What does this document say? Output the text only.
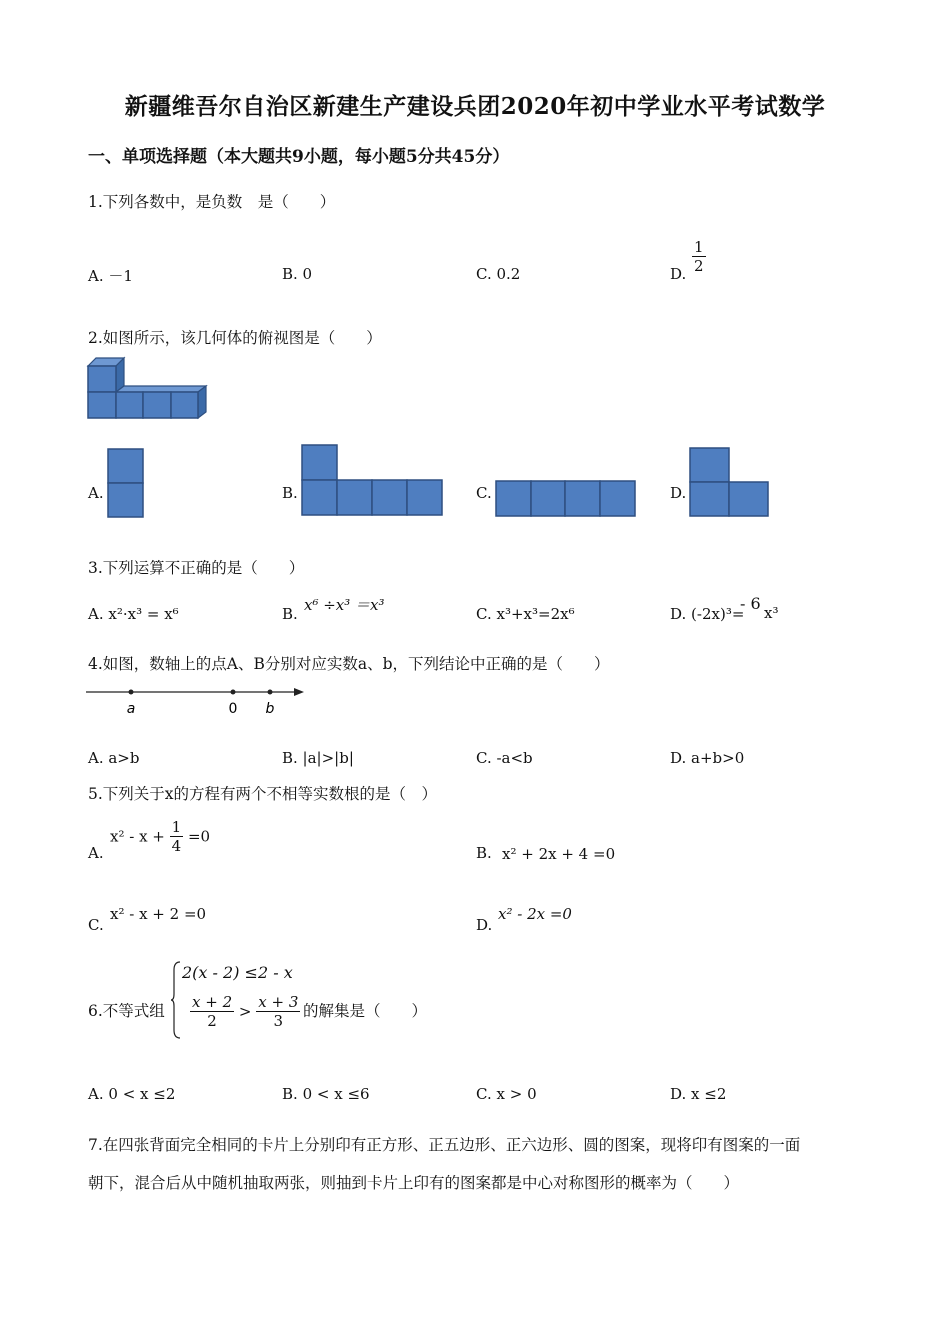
新疆维吾尔自治区新建生产建设兵团2020年初中学业水平考试数学
一、单项选择题（本大题共9小题，每小题5分共45分）
1.下列各数中，是负数　是（　　）
A. －1	B. 0	C. 0.2	D. $\frac{1}{2}$
2.如图所示，该几何体的俯视图是（　　）
A.	B.	C.	D.
3.下列运算不正确的是（　　）
A. x²·x³ = x⁶	B. x⁶ ÷x³ ＝x³	C. x³+x³=2x⁶	D. (-2x)³=
- 6 x³
4.如图，数轴上的点A、B分别对应实数a、b，下列结论中正确的是（　　）
a	0 b
A. a>b	B. |a|>|b|	C. -a<b	D. a+b>0
5.下列关于x的方程有两个不相等实数根的是（　）
A.
$x^2 - x + \frac{1}{4} =0$
B. x² + 2x + 4 =0
C.
x² - x + 2 =0
D.
x² - 2x =0
6.不等式组
2(x - 2) ≤2 - x
$\frac{x + 2}{2} > \frac{x + 3}{3}$ 的解集是（　　）
A. 0 < x ≤2	B. 0 < x ≤6	C. x > 0	D. x ≤2
7.在四张背面完全相同的卡片上分别印有正方形、正五边形、正六边形、圆的图案，现将印有图案的一面
朝下，混合后从中随机抽取两张，则抽到卡片上印有的图案都是中心对称图形的概率为（　　）
